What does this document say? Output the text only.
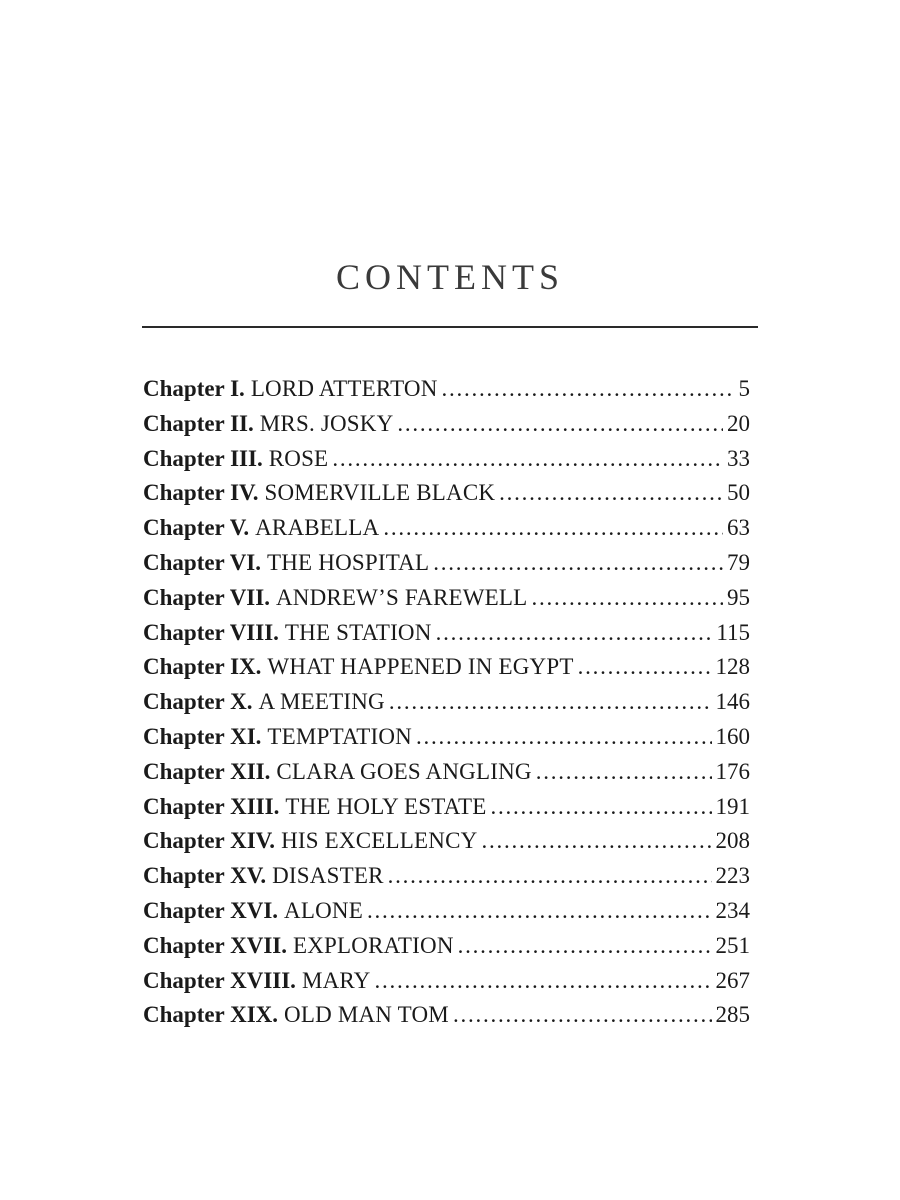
CONTENTS
Chapter I. LORD ATTERTON . . .	5
Chapter II. MRS. JOSKY . . .	20
Chapter III. ROSE . . .	33
Chapter IV. SOMERVILLE BLACK . . .	50
Chapter V. ARABELLA . . .	63
Chapter VI. THE HOSPITAL . . .	79
Chapter VII. ANDREW’S FAREWELL . . .	95
Chapter VIII. THE STATION . . .	115
Chapter IX. WHAT HAPPENED IN EGYPT . . .	128
Chapter X. A MEETING . . .	146
Chapter XI. TEMPTATION . . .	160
Chapter XII. CLARA GOES ANGLING . . .	176
Chapter XIII. THE HOLY ESTATE . . .	191
Chapter XIV. HIS EXCELLENCY . . .	208
Chapter XV. DISASTER . . .	223
Chapter XVI. ALONE . . .	234
Chapter XVII. EXPLORATION . . .	251
Chapter XVIII. MARY . . .	267
Chapter XIX. OLD MAN TOM . . .	285
